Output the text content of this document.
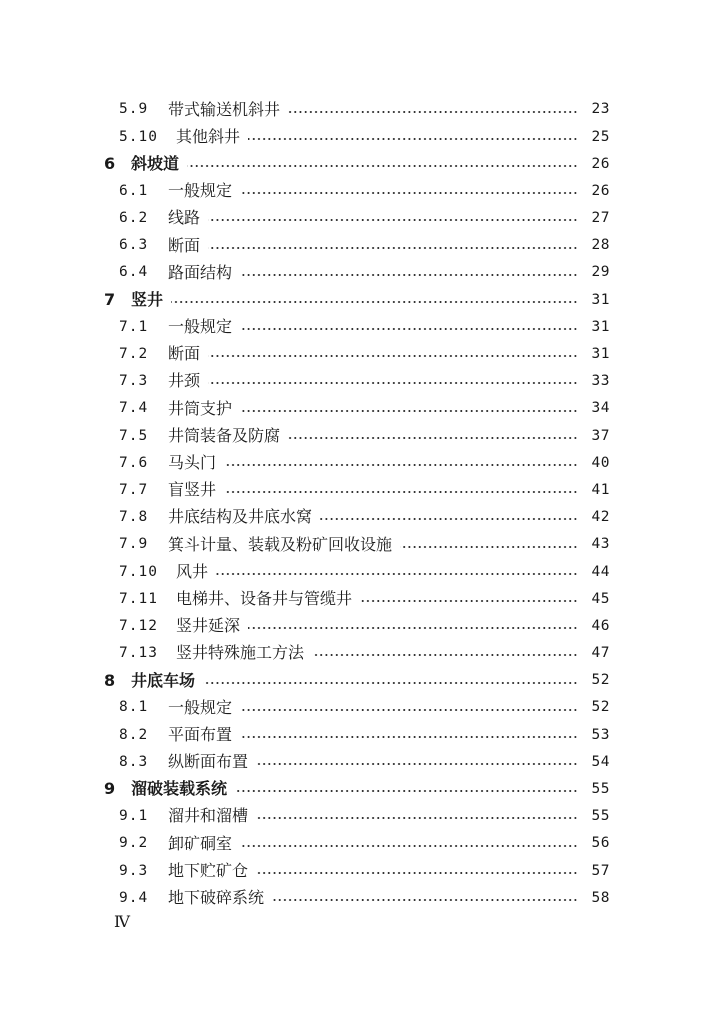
5.9 带式输送机斜井	23
5.10 其他斜井	25
6 斜坡道	26
6.1 一般规定	26
6.2 线路	27
6.3 断面	28
6.4 路面结构	29
7 竖井	31
7.1 一般规定	31
7.2 断面	31
7.3 井颈	33
7.4 井筒支护	34
7.5 井筒装备及防腐	37
7.6 马头门	40
7.7 盲竖井	41
7.8 井底结构及井底水窝	42
7.9 箕斗计量、装载及粉矿回收设施	43
7.10 风井	44
7.11 电梯井、设备井与管缆井	45
7.12 竖井延深	46
7.13 竖井特殊施工方法	47
8 井底车场	52
8.1 一般规定	52
8.2 平面布置	53
8.3 纵断面布置	54
9 溜破装载系统	55
9.1 溜井和溜槽	55
9.2 卸矿硐室	56
9.3 地下贮矿仓	57
9.4 地下破碎系统	58
Ⅳ
